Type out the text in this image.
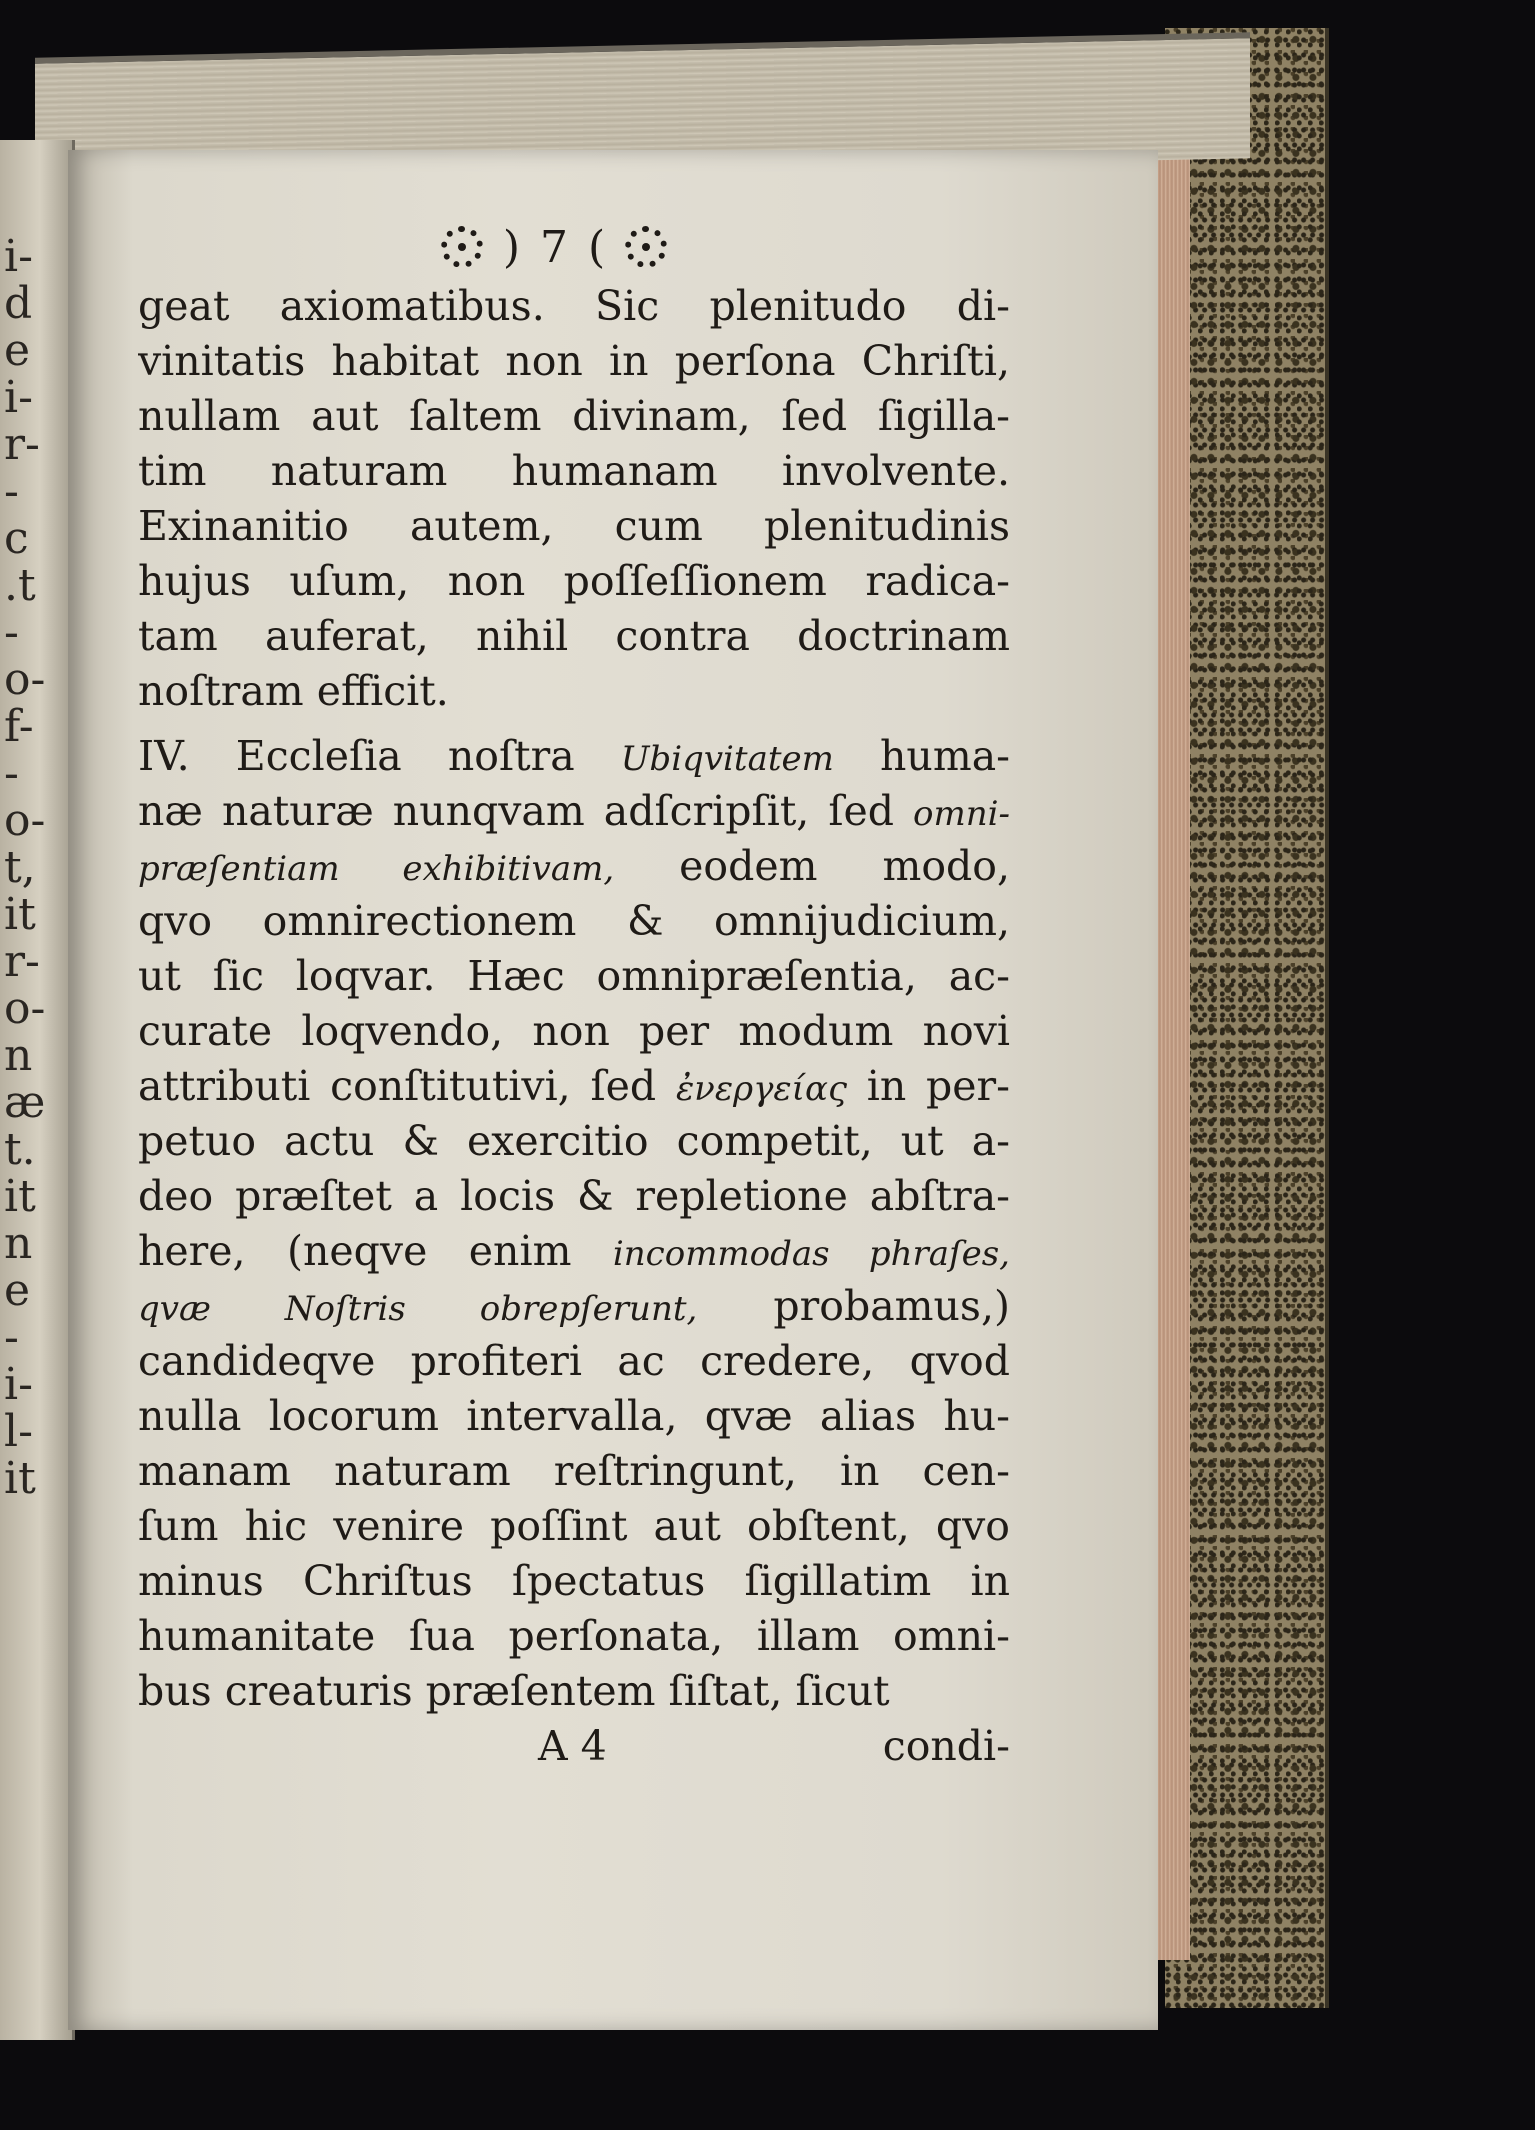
i-
d
e
i-
r-
-
c
.t
-
o-
f-
-
o-
t,
it
r-
o-
n
æ
t.
it
n
e
-
i-
l-
it
) 7 (
geat axiomatibus. Sic plenitudo di-
vinitatis habitat non in perſona Chriſti,
nullam aut ſaltem divinam, ſed ſigilla-
tim naturam humanam involvente.
Exinanitio autem, cum plenitudinis
hujus uſum, non poſſeſſionem radica-
tam auferat, nihil contra doctrinam
noſtram efficit.
IV. Eccleſia noſtra Ubiqvitatem huma-
næ naturæ nunqvam adſcripſit, ſed omni-
præſentiam exhibitivam, eodem modo,
qvo omnirectionem & omnijudicium,
ut ſic loqvar. Hæc omnipræſentia, ac-
curate loqvendo, non per modum novi
attributi conſtitutivi, ſed ἐνεργείας in per-
petuo actu & exercitio competit, ut a-
deo præſtet a locis & repletione abſtra-
here, (neqve enim incommodas phraſes,
qvæ Noſtris obrepſerunt, probamus,)
candideqve profiteri ac credere, qvod
nulla locorum intervalla, qvæ alias hu-
manam naturam reſtringunt, in cen-
ſum hic venire poſſint aut obſtent, qvo
minus Chriſtus ſpectatus ſigillatim in
humanitate ſua perſonata, illam omni-
bus creaturis præſentem ſiſtat, ſicut
A 4	condi-
